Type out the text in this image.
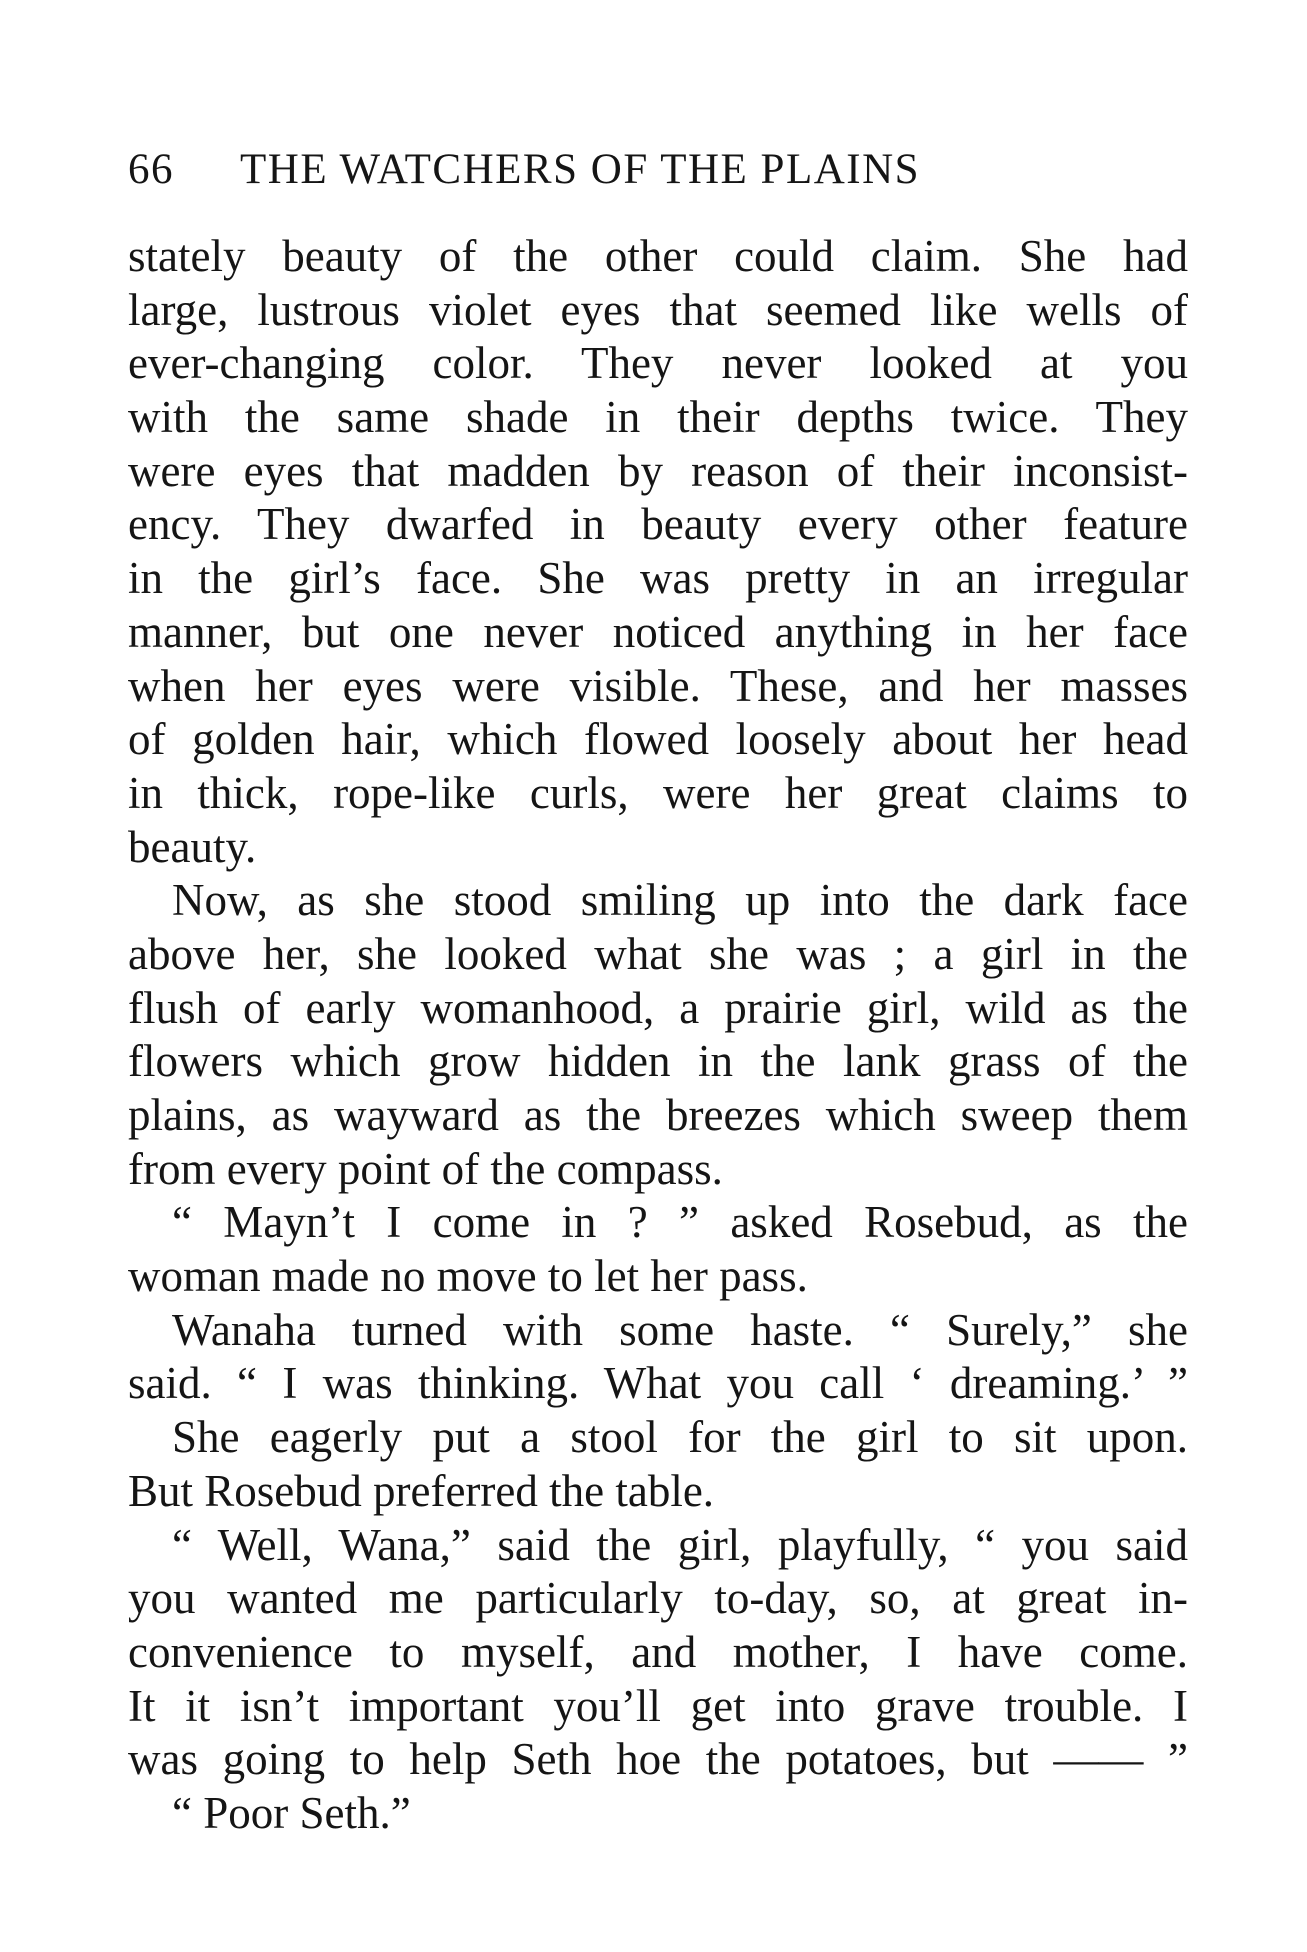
66 THE WATCHERS OF THE PLAINS
stately beauty of the other could claim. She had
large, lustrous violet eyes that seemed like wells of
ever-changing color. They never looked at you
with the same shade in their depths twice. They
were eyes that madden by reason of their inconsist-
ency. They dwarfed in beauty every other feature
in the girl’s face. She was pretty in an irregular
manner, but one never noticed anything in her face
when her eyes were visible. These, and her masses
of golden hair, which flowed loosely about her head
in thick, rope-like curls, were her great claims to
beauty.
Now, as she stood smiling up into the dark face
above her, she looked what she was ; a girl in the
flush of early womanhood, a prairie girl, wild as the
flowers which grow hidden in the lank grass of the
plains, as wayward as the breezes which sweep them
from every point of the compass.
“ Mayn’t I come in ? ” asked Rosebud, as the
woman made no move to let her pass.
Wanaha turned with some haste. “ Surely,” she
said. “ I was thinking. What you call ‘ dreaming.’ ”
She eagerly put a stool for the girl to sit upon.
But Rosebud preferred the table.
“ Well, Wana,” said the girl, playfully, “ you said
you wanted me particularly to-day, so, at great in-
convenience to myself, and mother, I have come.
It it isn’t important you’ll get into grave trouble. I
was going to help Seth hoe the potatoes, but —— ”
“ Poor Seth.”
